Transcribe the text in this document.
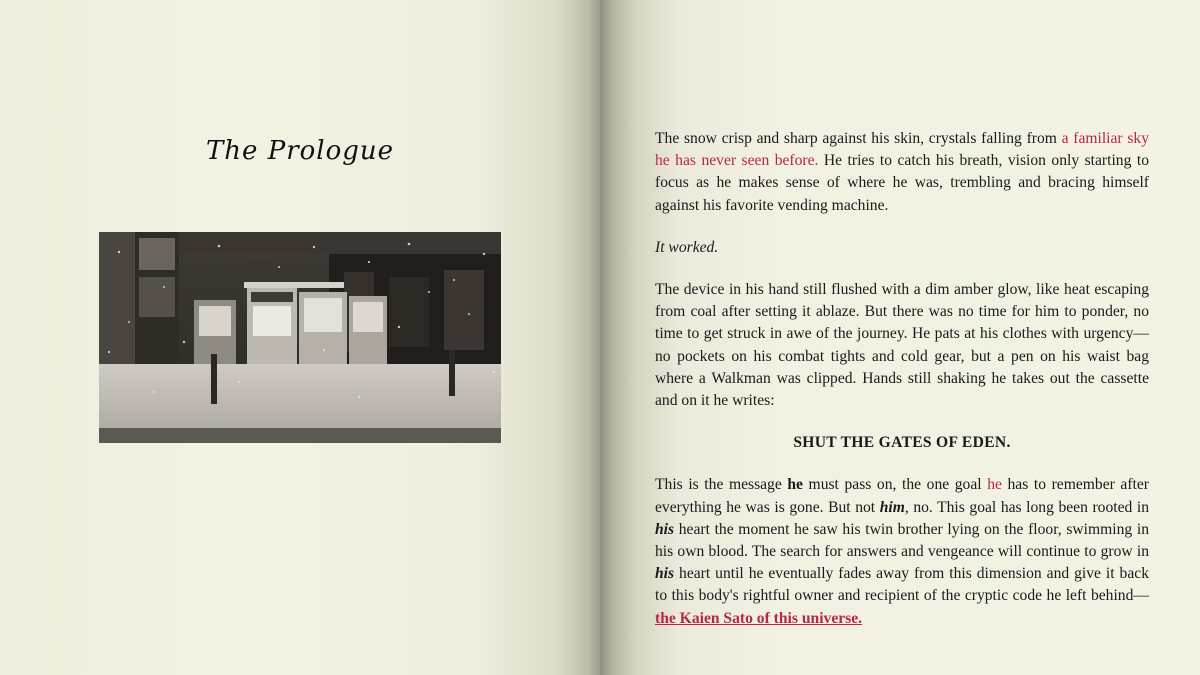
The Prologue	The snow crisp and sharp against his skin, crystals falling from a familiar sky he has never seen before. He tries to catch his breath, vision only starting to focus as he makes sense of where he was, trembling and bracing himself against his favorite vending machine.

It worked.

The device in his hand still flushed with a dim amber glow, like heat escaping from coal after setting it ablaze. But there was no time for him to ponder, no time to get struck in awe of the journey. He pats at his clothes with urgency— no pockets on his combat tights and cold gear, but a pen on his waist bag where a Walkman was clipped. Hands still shaking he takes out the cassette and on it he writes:

SHUT THE GATES OF EDEN.

This is the message he must pass on, the one goal he has to remember after everything he was is gone. But not him, no. This goal has long been rooted in his heart the moment he saw his twin brother lying on the floor, swimming in his own blood. The search for answers and vengeance will continue to grow in his heart until he eventually fades away from this dimension and give it back to this body's rightful owner and recipient of the cryptic code he left behind— the Kaien Sato of this universe.
